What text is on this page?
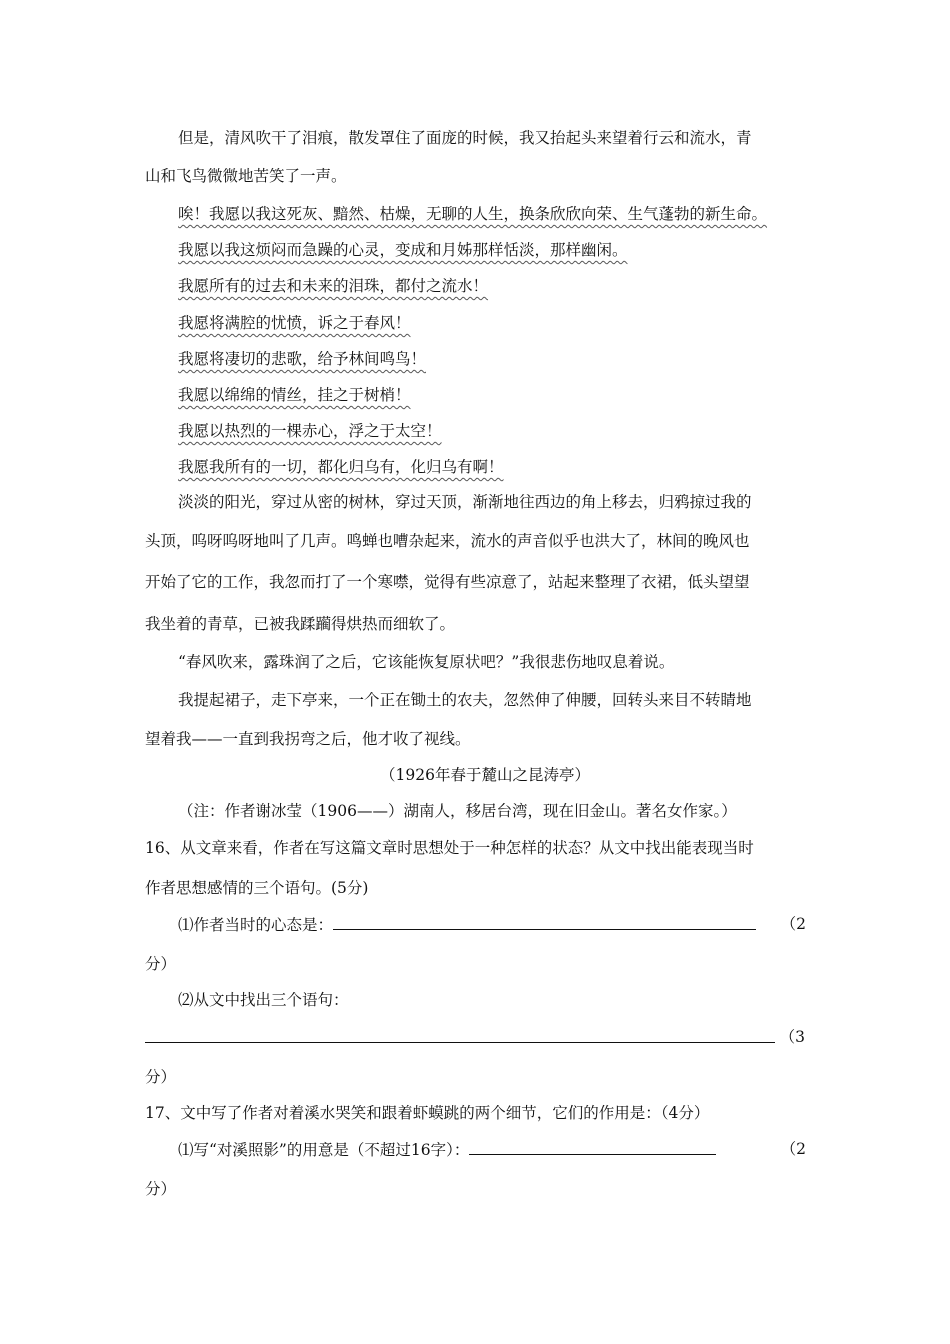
但是，清风吹干了泪痕，散发罩住了面庞的时候，我又抬起头来望着行云和流水，青
山和飞鸟微微地苦笑了一声。
唉！我愿以我这死灰、黯然、枯燥，无聊的人生，换条欣欣向荣、生气蓬勃的新生命。
我愿以我这烦闷而急躁的心灵，变成和月姊那样恬淡，那样幽闲。
我愿所有的过去和未来的泪珠，都付之流水！
我愿将满腔的忧愤，诉之于春风！
我愿将凄切的悲歌，给予林间鸣鸟！
我愿以绵绵的情丝，挂之于树梢！
我愿以热烈的一棵赤心，浮之于太空！
我愿我所有的一切，都化归乌有，化归乌有啊！
淡淡的阳光，穿过从密的树林，穿过天顶，渐渐地往西边的角上移去，归鸦掠过我的
头顶，呜呀呜呀地叫了几声。鸣蝉也嘈杂起来，流水的声音似乎也洪大了，林间的晚风也
开始了它的工作，我忽而打了一个寒噤，觉得有些凉意了，站起来整理了衣裙，低头望望
我坐着的青草，已被我蹂躏得烘热而细软了。
“春风吹来，露珠润了之后，它该能恢复原状吧？”我很悲伤地叹息着说。
我提起裙子，走下亭来，一个正在锄土的农夫，忽然伸了伸腰，回转头来目不转睛地
望着我——一直到我拐弯之后，他才收了视线。
（1926年春于麓山之昆涛亭）
（注：作者谢冰莹（1906——）湖南人，移居台湾，现在旧金山。著名女作家。）
16、从文章来看，作者在写这篇文章时思想处于一种怎样的状态？从文中找出能表现当时
作者思想感情的三个语句。(5分)
⑴作者当时的心态是：	（2
分）
⑵从文中找出三个语句：
（3
分）
17、文中写了作者对着溪水哭笑和跟着虾蟆跳的两个细节，它们的作用是：（4分）
⑴写“对溪照影”的用意是（不超过16字）：	（2
分）
